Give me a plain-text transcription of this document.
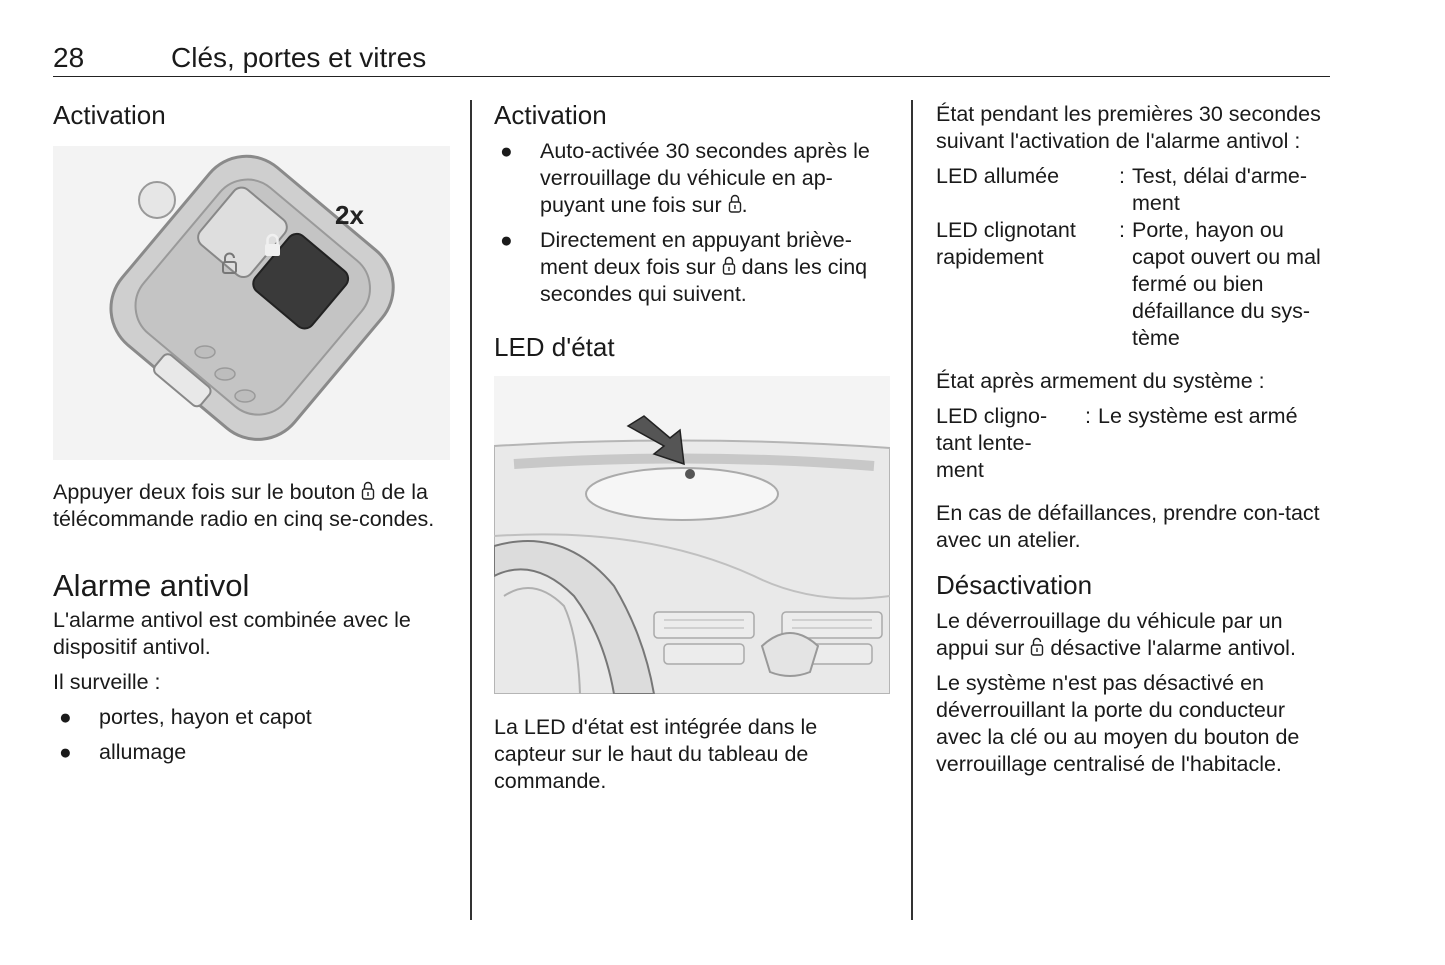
28	Clés, portes et vitres
Activation
2x

Appuyer deux fois sur le bouton de la télécommande radio en cinq se-condes.

Alarme antivol

L'alarme antivol est combinée avec le dispositif antivol.

Il surveille :

● portes, hayon et capot
● allumage
Activation
● Auto-activée 30 secondes après le verrouillage du véhicule en ap-puyant une fois sur .
● Directement en appuyant briève-ment deux fois sur dans les cinq secondes qui suivent.
LED d'état

La LED d'état est intégrée dans le capteur sur le haut du tableau de commande.

État pendant les premières 30 secondes suivant l'activation de l'alarme antivol :

LED allumée	:	Test, délai d'arme-ment
LED clignotant rapidement	:	Porte, hayon ou capot ouvert ou mal fermé ou bien défaillance du sys-tème

État après armement du système :

LED cligno-tant lente-ment	:	Le système est armé

En cas de défaillances, prendre con-tact avec un atelier.

Désactivation

Le déverrouillage du véhicule par un appui sur désactive l'alarme antivol.

Le système n'est pas désactivé en déverrouillant la porte du conducteur avec la clé ou au moyen du bouton de verrouillage centralisé de l'habitacle.
